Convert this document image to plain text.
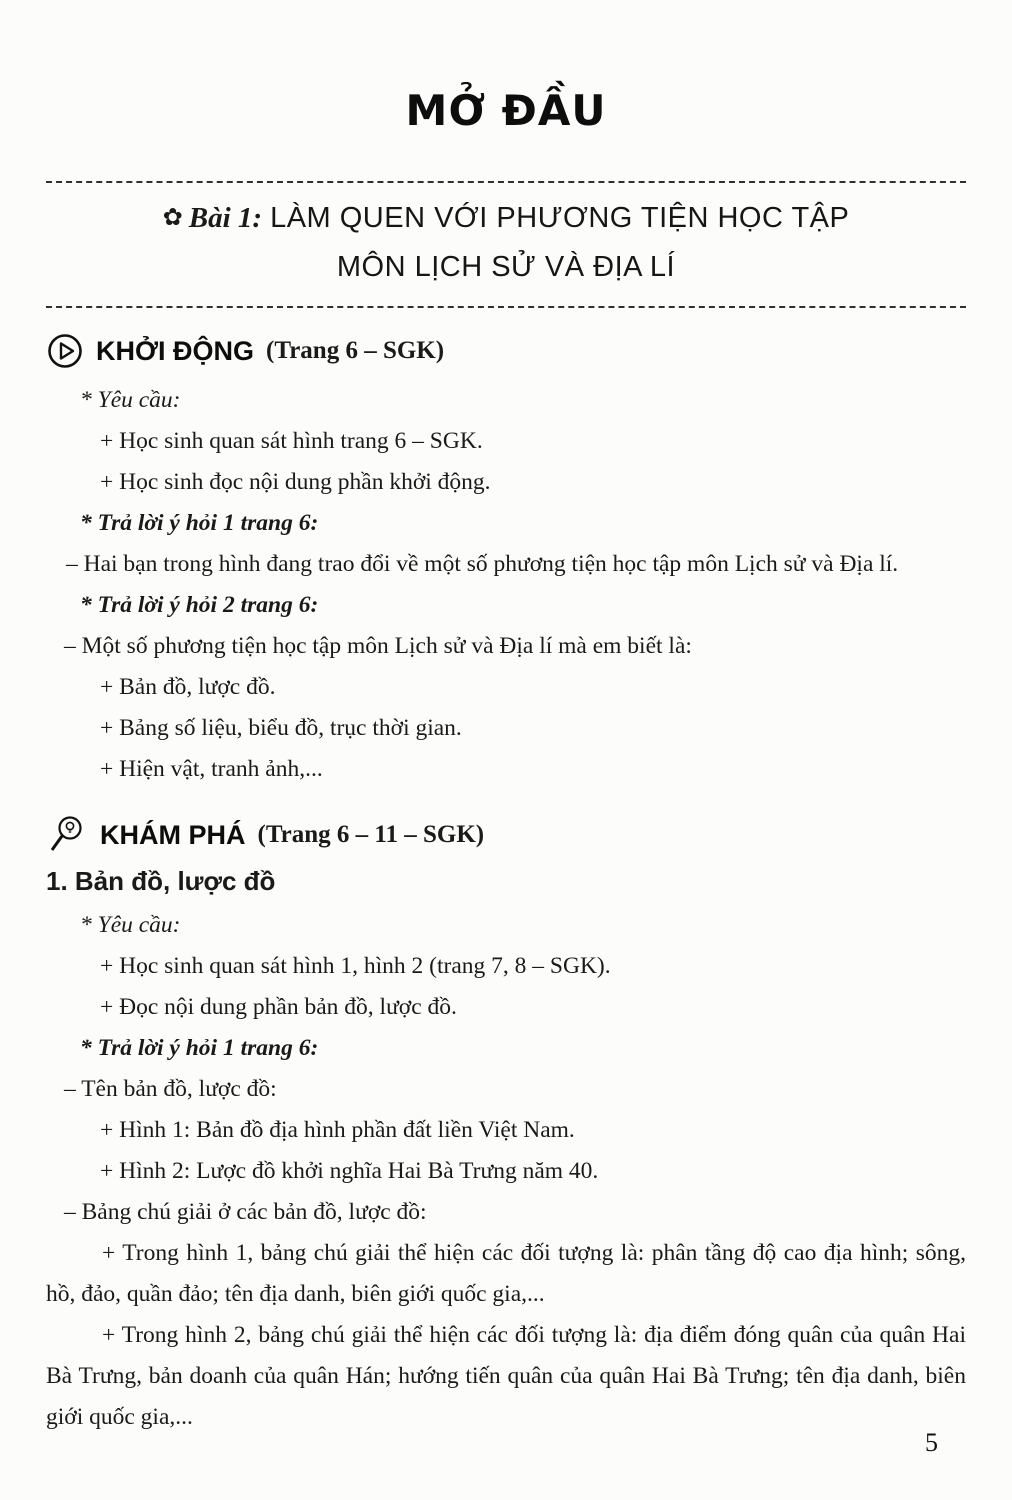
MỞ ĐẦU
✿ Bài 1: LÀM QUEN VỚI PHƯƠNG TIỆN HỌC TẬP
MÔN LỊCH SỬ VÀ ĐỊA LÍ
KHỞI ĐỘNG (Trang 6 – SGK)

* Yêu cầu:

+ Học sinh quan sát hình trang 6 – SGK.

+ Học sinh đọc nội dung phần khởi động.

* Trả lời ý hỏi 1 trang 6:

– Hai bạn trong hình đang trao đổi về một số phương tiện học tập môn Lịch sử và Địa lí.

* Trả lời ý hỏi 2 trang 6:

– Một số phương tiện học tập môn Lịch sử và Địa lí mà em biết là:

+ Bản đồ, lược đồ.

+ Bảng số liệu, biểu đồ, trục thời gian.

+ Hiện vật, tranh ảnh,...

KHÁM PHÁ (Trang 6 – 11 – SGK)
1. Bản đồ, lược đồ

* Yêu cầu:

+ Học sinh quan sát hình 1, hình 2 (trang 7, 8 – SGK).

+ Đọc nội dung phần bản đồ, lược đồ.

* Trả lời ý hỏi 1 trang 6:

– Tên bản đồ, lược đồ:

+ Hình 1: Bản đồ địa hình phần đất liền Việt Nam.

+ Hình 2: Lược đồ khởi nghĩa Hai Bà Trưng năm 40.

– Bảng chú giải ở các bản đồ, lược đồ:

+ Trong hình 1, bảng chú giải thể hiện các đối tượng là: phân tầng độ cao địa hình; sông, hồ, đảo, quần đảo; tên địa danh, biên giới quốc gia,...

+ Trong hình 2, bảng chú giải thể hiện các đối tượng là: địa điểm đóng quân của quân Hai Bà Trưng, bản doanh của quân Hán; hướng tiến quân của quân Hai Bà Trưng; tên địa danh, biên giới quốc gia,...

5
